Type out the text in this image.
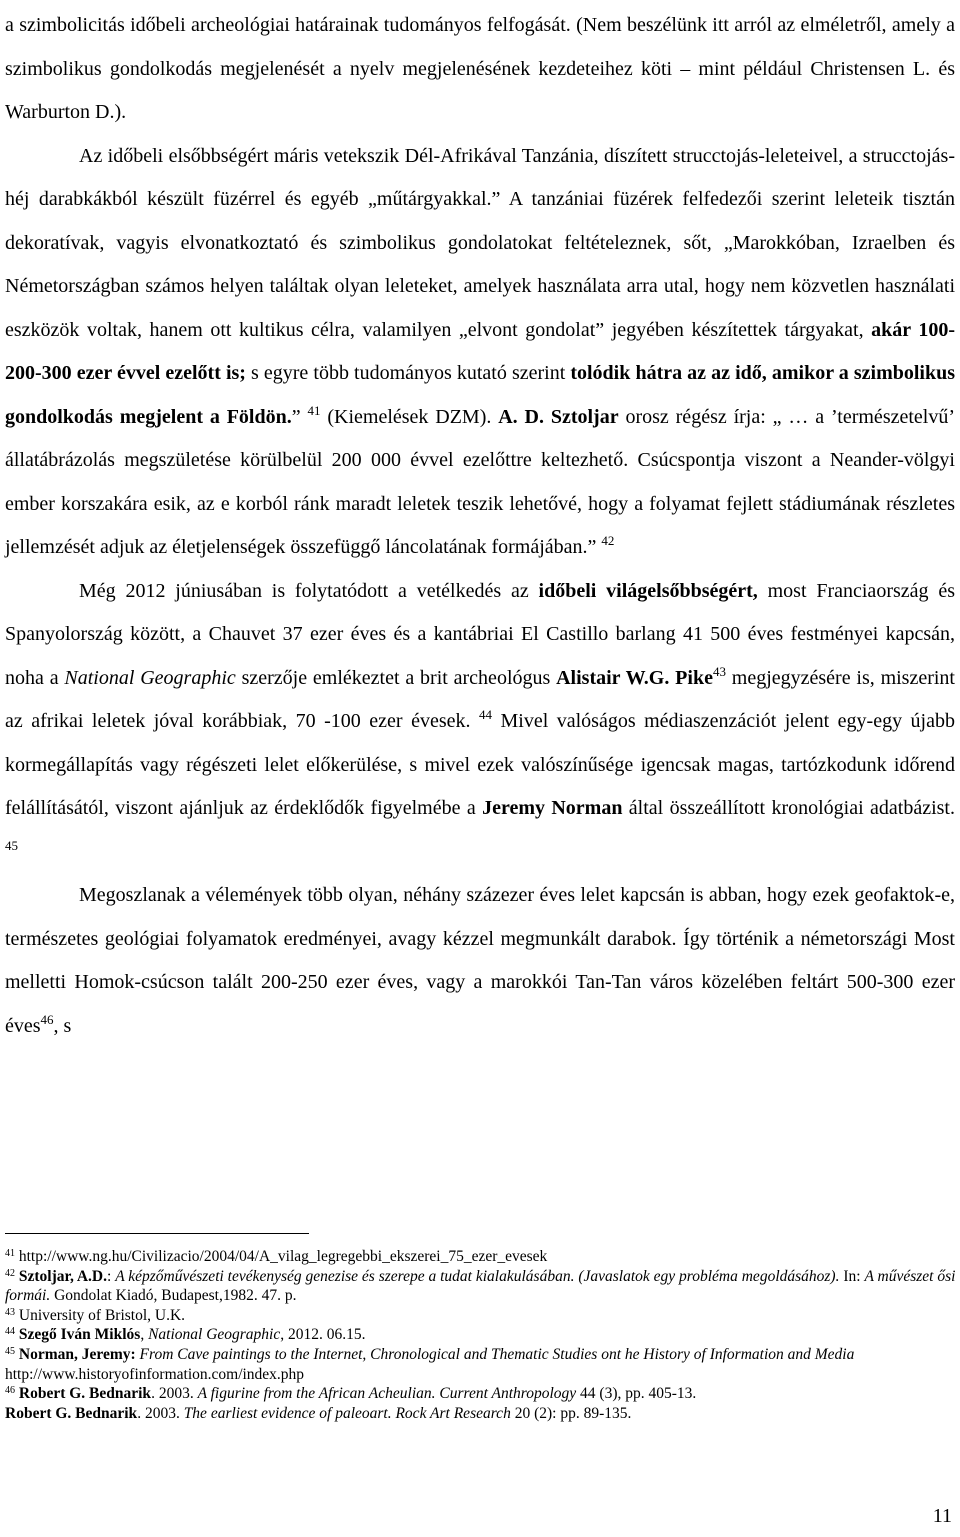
a szimbolicitás időbeli archeológiai határainak tudományos felfogását. (Nem beszélünk itt arról az elméletről, amely a szimbolikus gondolkodás megjelenését a nyelv megjelenésének kezdeteihez köti – mint például Christensen L. és Warburton D.).

Az időbeli elsőbbségért máris vetekszik Dél-Afrikával Tanzánia, díszített strucctojás-leleteivel, a strucctojás-héj darabkákból készült füzérrel és egyéb „műtárgyakkal.” A tanzániai füzérek felfedezői szerint leleteik tisztán dekoratívak, vagyis elvonatkoztató és szimbolikus gondolatokat feltételeznek, sőt, „Marokkóban, Izraelben és Németországban számos helyen találtak olyan leleteket, amelyek használata arra utal, hogy nem közvetlen használati eszközök voltak, hanem ott kultikus célra, valamilyen „elvont gondolat” jegyében készítettek tárgyakat, akár 100-200-300 ezer évvel ezelőtt is; s egyre több tudományos kutató szerint tolódik hátra az az idő, amikor a szimbolikus gondolkodás megjelent a Földön.” $^{41}$ (Kiemelések DZM). A. D. Sztoljar orosz régész írja: „ … a ’természetelvű’ állatábrázolás megszületése körülbelül 200 000 évvel ezelőttre keltezhető. Csúcspontja viszont a Neander-völgyi ember korszakára esik, az e korból ránk maradt leletek teszik lehetővé, hogy a folyamat fejlett stádiumának részletes jellemzését adjuk az életjelenségek összefüggő láncolatának formájában.” $^{42}$

Még 2012 júniusában is folytatódott a vetélkedés az időbeli világelsőbbségért, most Franciaország és Spanyolország között, a Chauvet 37 ezer éves és a kantábriai El Castillo barlang 41 500 éves festményei kapcsán, noha a National Geographic szerzője emlékeztet a brit archeológus Alistair W.G. Pike$^{43}$ megjegyzésére is, miszerint az afrikai leletek jóval korábbiak, 70 -100 ezer évesek. $^{44}$ Mivel valóságos médiaszenzációt jelent egy-egy újabb kormegállapítás vagy régészeti lelet előkerülése, s mivel ezek valószínűsége igencsak magas, tartózkodunk időrend felállításától, viszont ajánljuk az érdeklődők figyelmébe a Jeremy Norman által összeállított kronológiai adatbázist. $^{45}$

Megoszlanak a vélemények több olyan, néhány százezer éves lelet kapcsán is abban, hogy ezek geofaktok-e, természetes geológiai folyamatok eredményei, avagy kézzel megmunkált darabok. Így történik a németországi Most melletti Homok-csúcson talált 200-250 ezer éves, vagy a marokkói Tan-Tan város közelében feltárt 500-300 ezer éves$^{46}$, s

$^{41}$ http://www.ng.hu/Civilizacio/2004/04/A_vilag_legregebbi_ekszerei_75_ezer_evesek

$^{42}$ Sztoljar, A.D.: A képzőművészeti tevékenység genezise és szerepe a tudat kialakulásában. (Javaslatok egy probléma megoldásához). In: A művészet ősi formái. Gondolat Kiadó, Budapest,1982. 47. p.

$^{43}$ University of Bristol, U.K.

$^{44}$ Szegő Iván Miklós, National Geographic, 2012. 06.15.

$^{45}$ Norman, Jeremy: From Cave paintings to the Internet, Chronological and Thematic Studies ont he History of Information and Media http://www.historyofinformation.com/index.php

$^{46}$ Robert G. Bednarik. 2003. A figurine from the African Acheulian. Current Anthropology 44 (3), pp. 405-13.

Robert G. Bednarik. 2003. The earliest evidence of paleoart. Rock Art Research 20 (2): pp. 89-135.

11
